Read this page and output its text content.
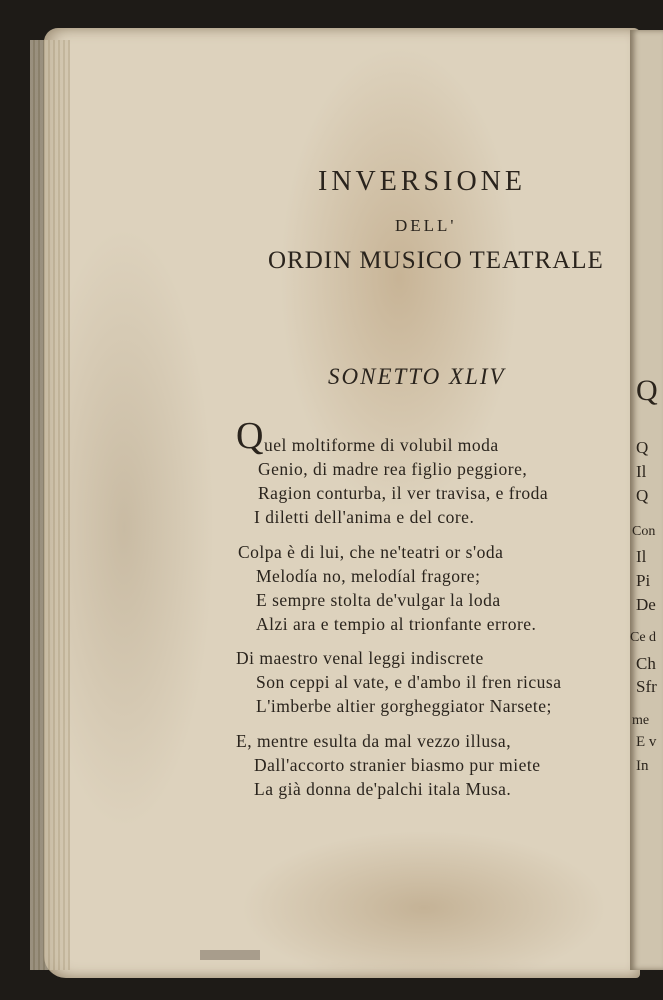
Q
Q
Il
Q
Con
Il
Pi
De
Ce d
Ch
Sfr
me
E v
In
INVERSIONE
DELL'
ORDIN MUSICO TEATRALE
SONETTO XLIV
Q uel moltiforme di volubil moda
Genio, di madre rea figlio peggiore,
Ragion conturba, il ver travisa, e froda
I diletti dell'anima e del core.
Colpa è di lui, che ne'teatri or s'oda
Melodía no, melodíal fragore;
E sempre stolta de'vulgar la loda
Alzi ara e tempio al trionfante errore.
Di maestro venal leggi indiscrete
Son ceppi al vate, e d'ambo il fren ricusa
L'imberbe altier gorgheggiator Narsete;
E, mentre esulta da mal vezzo illusa,
Dall'accorto stranier biasmo pur miete
La già donna de'palchi itala Musa.
